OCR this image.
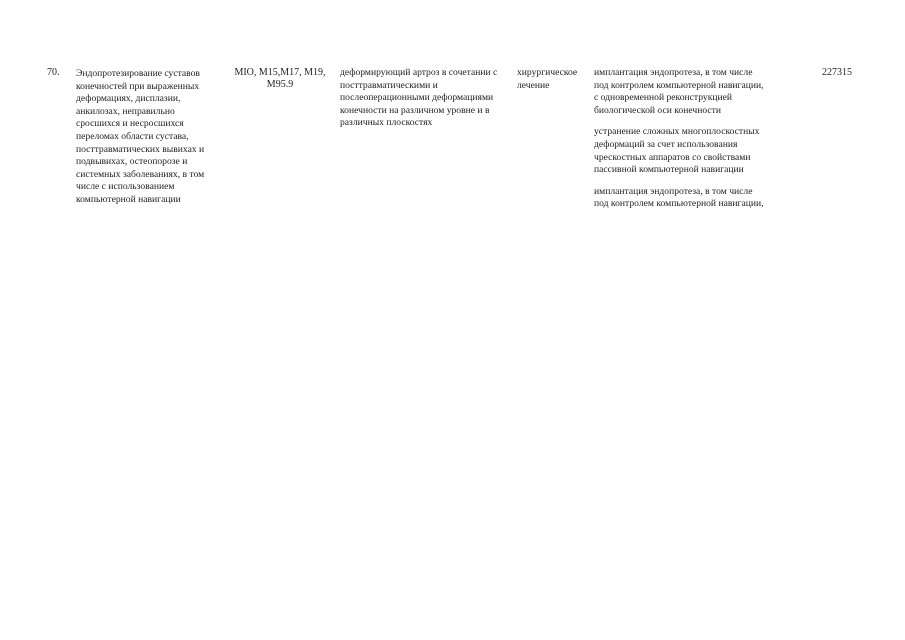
70. Эндопротезирование суставов
конечностей при выраженных
деформациях, дисплазии,
анкилозах, неправильно
сросшихся и несросшихся
переломах области сустава,
посттравматических вывихах и
подвывихах, остеопорозе и
системных заболеваниях, в том
числе с использованием
компьютерной навигации
MIO, M15,M17, M19,
M95.9
деформирующий артроз в сочетании с
посттравматическими и
послеоперационными деформациями
конечности на различном уровне и в
различных плоскостях
хирургическое
лечение

имплантация эндопротеза, в том числе
под контролем компьютерной навигации,
с одновременной реконструкцией
биологической оси конечности

устранение сложных многоплоскостных
деформаций за счет использования
чрескостных аппаратов со свойствами
пассивной компьютерной навигации

имплантация эндопротеза, в том числе
под контролем компьютерной навигации,

227315
